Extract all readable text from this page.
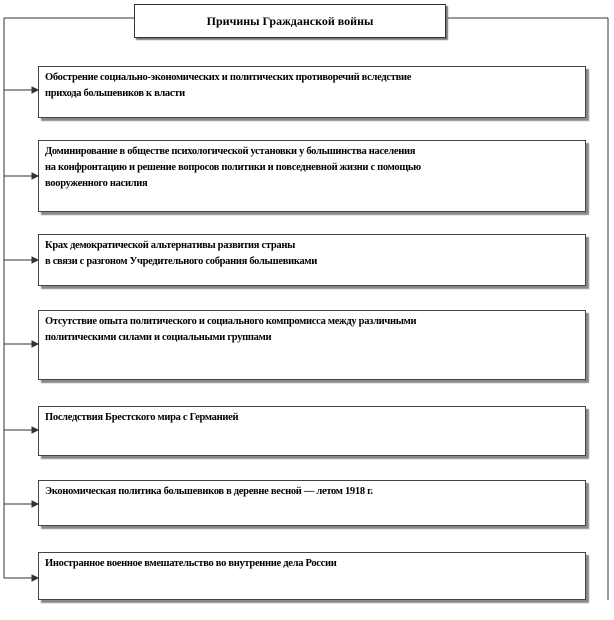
Причины Гражданской войны
Обострение социально-экономических и политических противоречий вследствие
прихода большевиков к власти
Доминирование в обществе психологической установки у большинства населения
на конфронтацию и решение вопросов политики и повседневной жизни с помощью
вооруженного насилия
Крах демократической альтернативы развития страны
в связи с разгоном Учредительного собрания большевиками
Отсутствие опыта политического и социального компромисса между различными
политическими силами и социальными группами
Последствия Брестского мира с Германией
Экономическая политика большевиков в деревне весной — летом 1918 г.
Иностранное военное вмешательство во внутренние дела России
